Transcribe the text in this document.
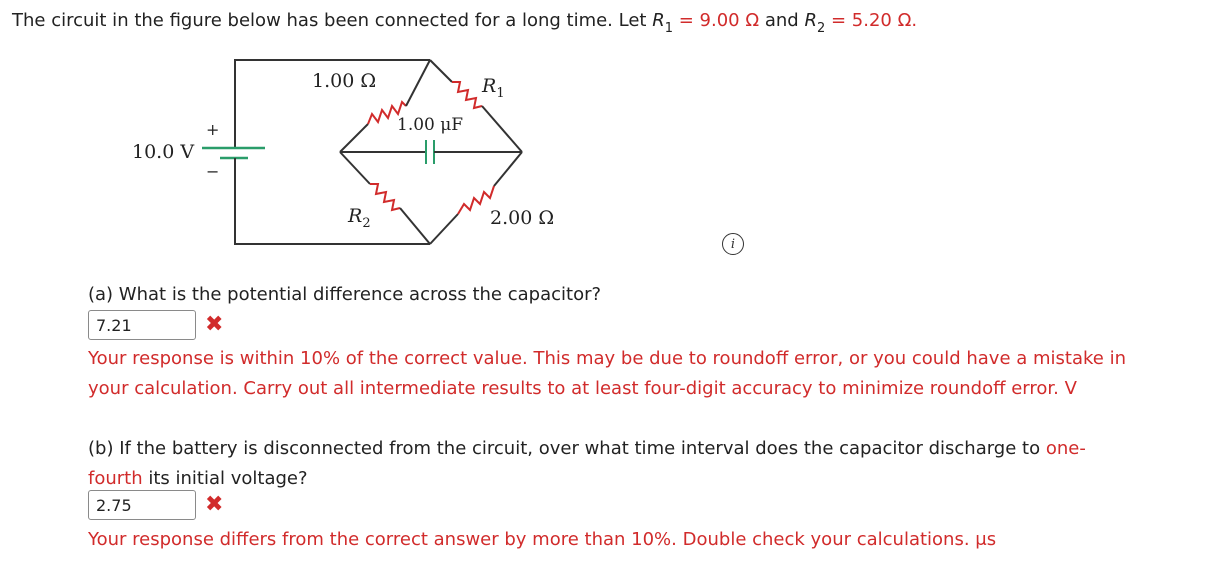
The circuit in the figure below has been connected for a long time. Let $R_1 = 9.00$ Ω and $R_2 = 5.20$ Ω.
+
−
10.0 V
1.00 Ω	$R_1$
1.00 μF
$R_2$	2.00 Ω
i
(a) What is the potential difference across the capacitor?
7.21
✖
Your response is within 10% of the correct value. This may be due to roundoff error, or you could have a mistake in
your calculation. Carry out all intermediate results to at least four-digit accuracy to minimize roundoff error. V
(b) If the battery is disconnected from the circuit, over what time interval does the capacitor discharge to one-
fourth its initial voltage?
2.75
✖
Your response differs from the correct answer by more than 10%. Double check your calculations. μs
